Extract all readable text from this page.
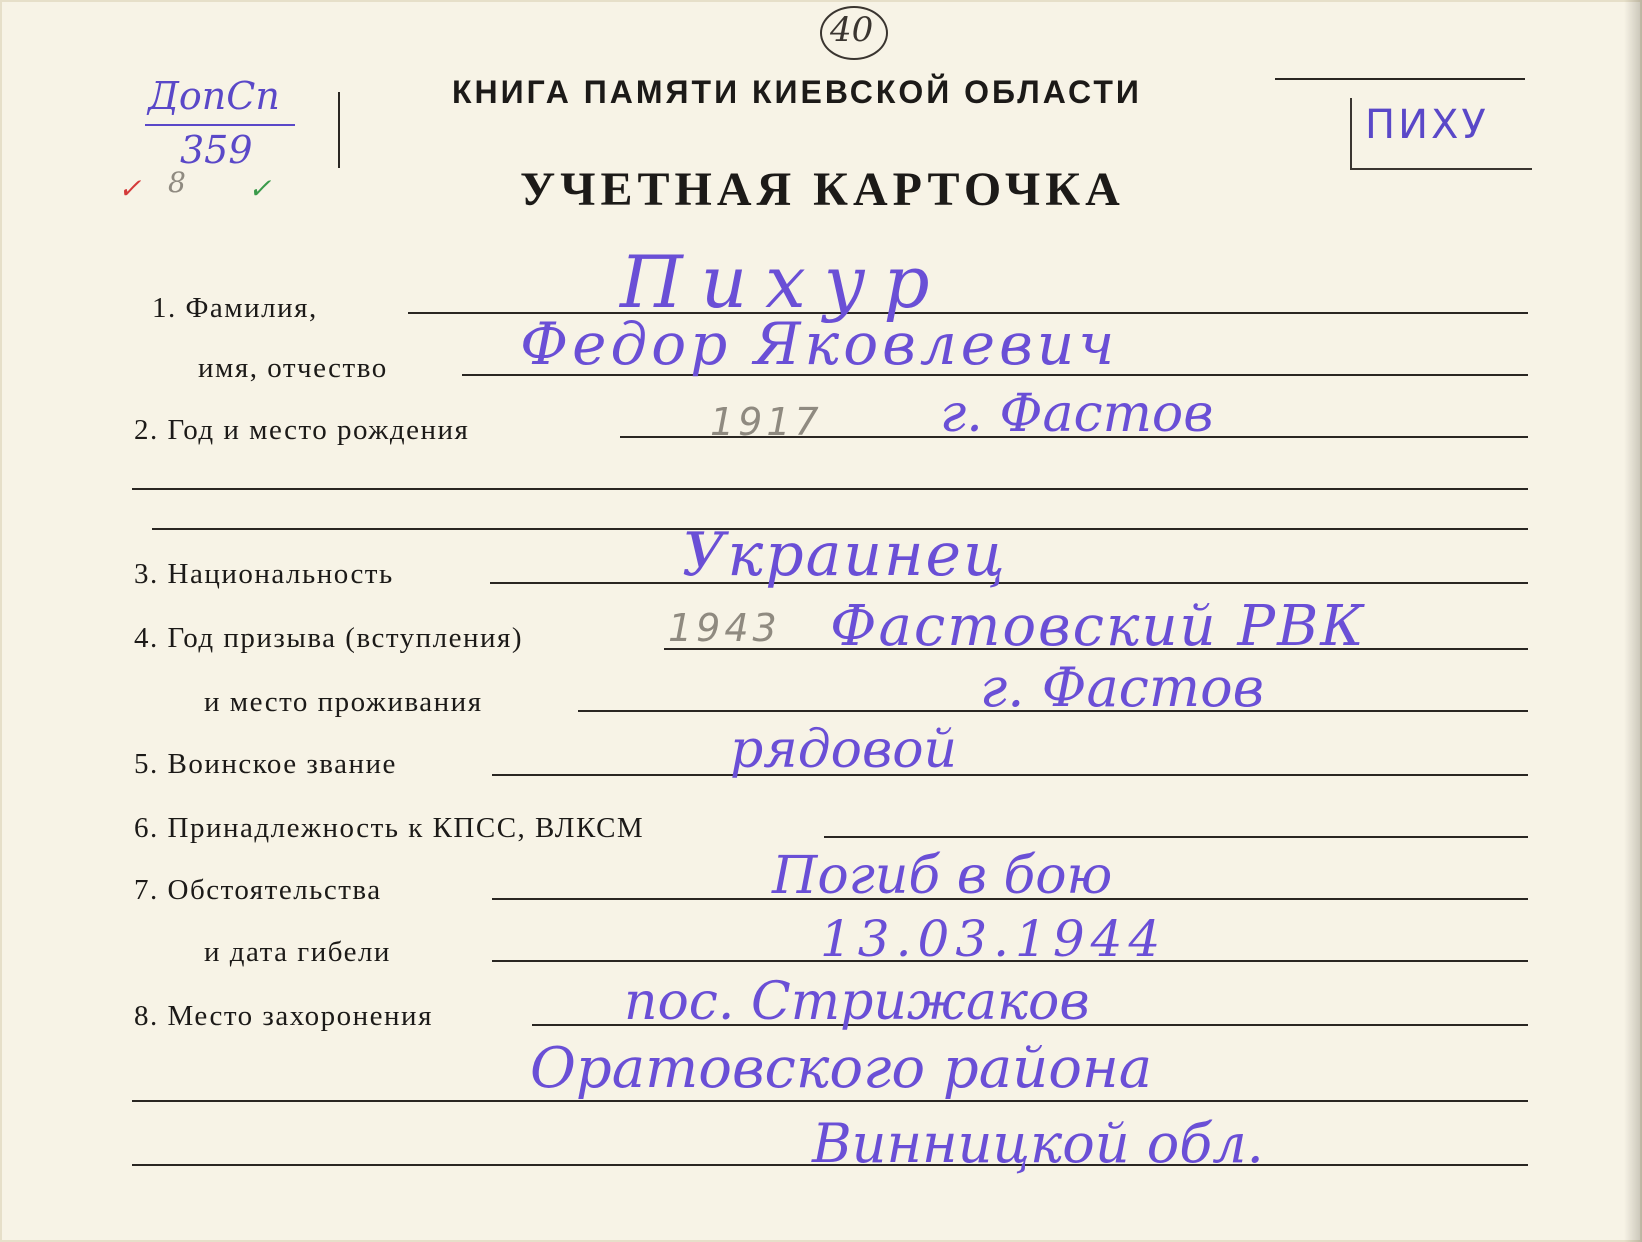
ДопСп
359
✓ 8 ✓
40
КНИГА ПАМЯТИ КИЕВСКОЙ ОБЛАСТИ
УЧЕТНАЯ КАРТОЧКА
ПИХУ
1. Фамилия,	Пихур
имя, отчество Федор Яковлевич
2. Год и место рождения	1917 г. Фастов
3. Национальность	Украинец
4. Год призыва (вступления)	1943 Фастовский РВК
и место проживания	г. Фастов
5. Воинское звание	рядовой
6. Принадлежность к КПСС, ВЛКСМ
7. Обстоятельства	Погиб в бою
и дата гибели	13.03.1944
8. Место захоронения	пос. Стрижаков
Оратовского района
Винницкой обл.
